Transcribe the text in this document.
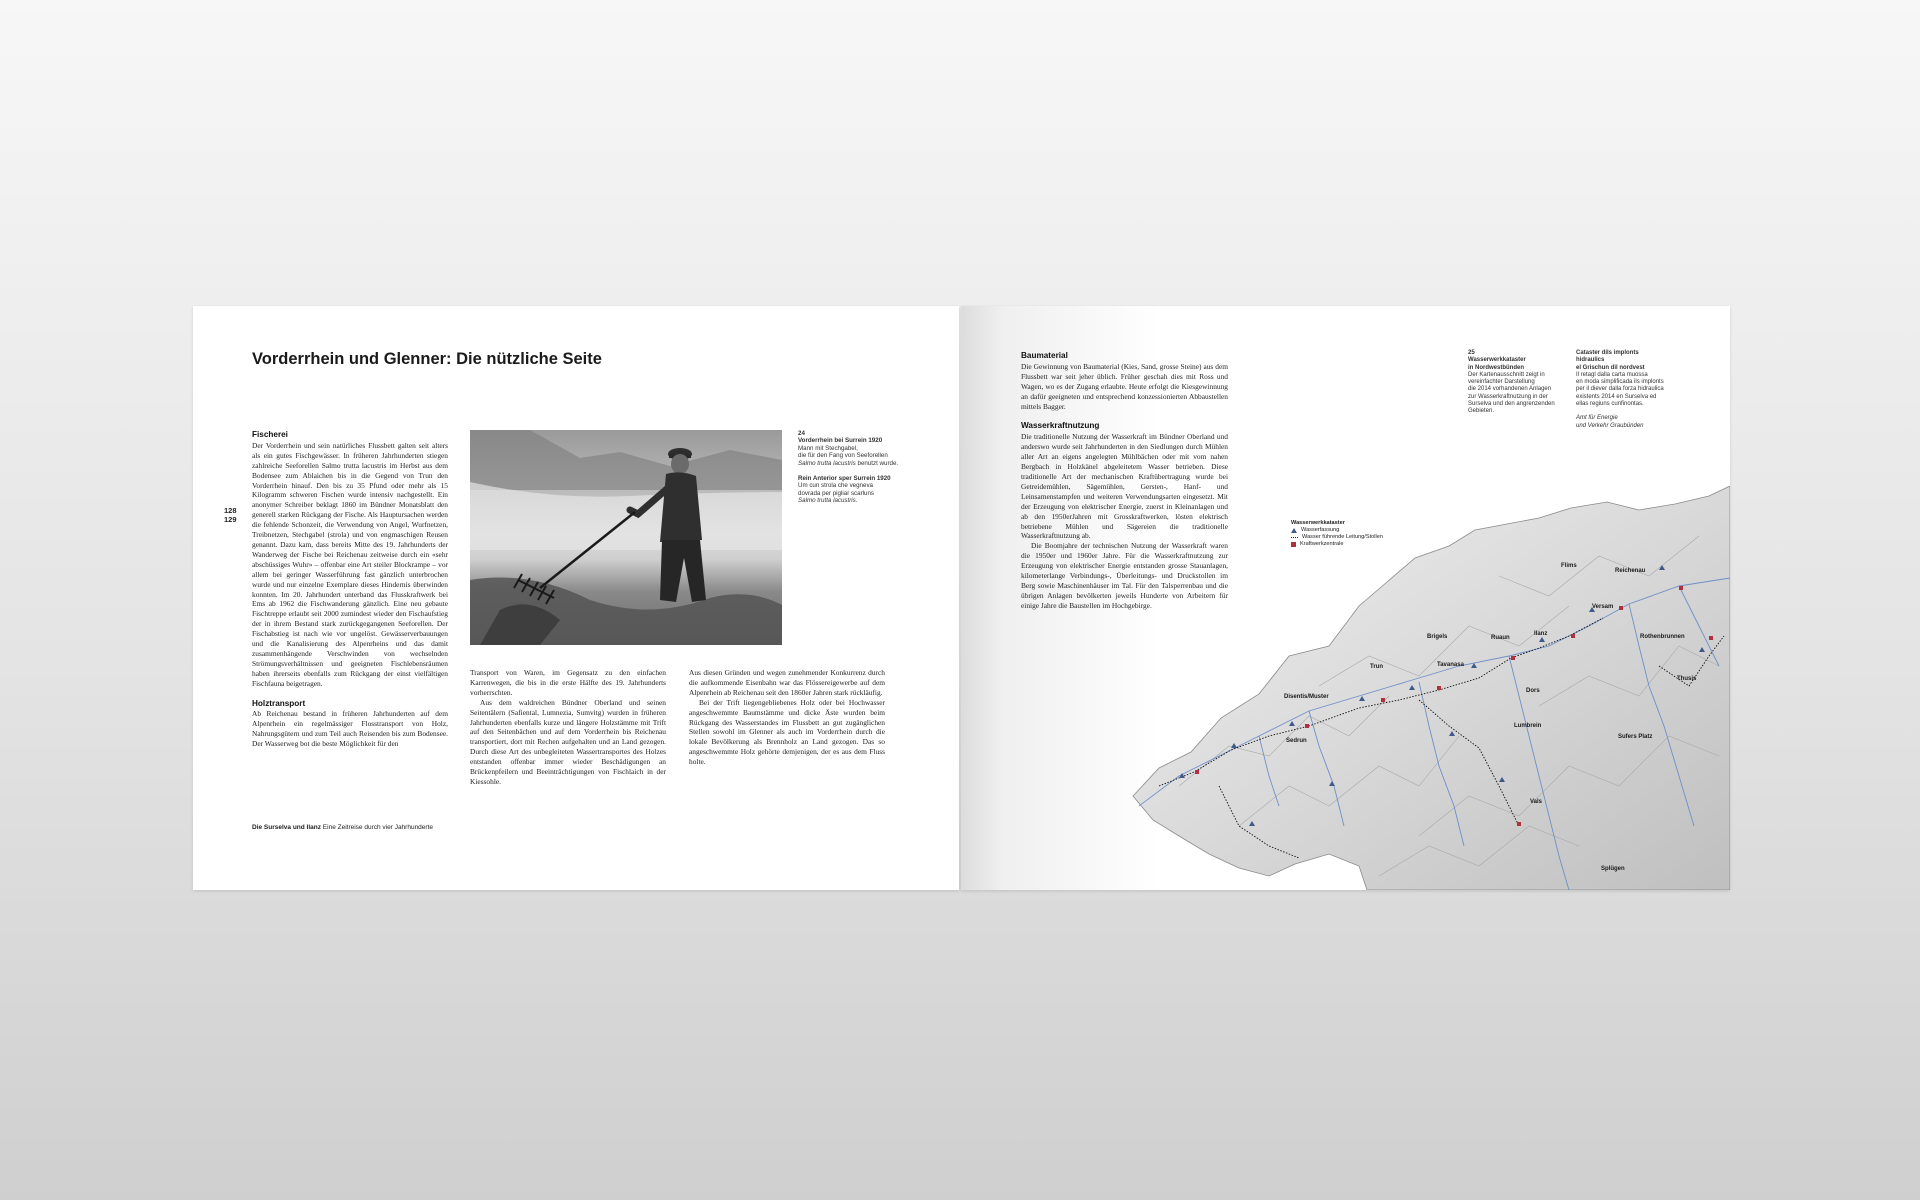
Vorderrhein und Glenner: Die nützliche Seite
128
129
Fischerei

Der Vorderrhein und sein natürliches Flussbett galten seit alters als ein gutes Fischgewässer. In früheren Jahrhunderten stiegen zahlreiche Seeforellen Salmo trutta lacustris im Herbst aus dem Bodensee zum Ablaichen bis in die Gegend von Trun den Vorderrhein hinauf. Den bis zu 35 Pfund oder mehr als 15 Kilogramm schweren Fischen wurde intensiv nachgestellt. Ein anonymer Schreiber beklagt 1860 im Bündner Monatsblatt den generell starken Rückgang der Fische. Als Hauptursachen werden die fehlende Schonzeit, die Verwendung von Angel, Wurfnetzen, Treibnetzen, Stechgabel (strola) und von engmaschigen Reusen genannt. Dazu kam, dass bereits Mitte des 19. Jahrhunderts der Wanderweg der Fische bei Reichenau zeitweise durch ein «sehr abschüssiges Wuhr» – offenbar eine Art steiler Blockrampe – vor allem bei geringer Wasserführung fast gänzlich unterbrochen wurde und nur einzelne Exemplare dieses Hindernis überwinden konnten. Im 20. Jahrhundert unterband das Flusskraftwerk bei Ems ab 1962 die Fischwanderung gänzlich. Eine neu gebaute Fischtreppe erlaubt seit 2000 zumindest wieder den Fischaufstieg der in ihrem Bestand stark zurückgegangenen Seeforellen. Der Fischabstieg ist nach wie vor ungelöst. Gewässerverbauungen und die Kanalisierung des Alpenrheins und das damit zusammenhängende Verschwinden von wechselnden Strömungsverhältnissen und geeigneten Fischlebensräumen haben ihrerseits ebenfalls zum Rückgang der einst vielfältigen Fischfauna beigetragen.

Holztransport

Ab Reichenau bestand in früheren Jahrhunderten auf dem Alpenrhein ein regelmässiger Flosstransport von Holz, Nahrungsgütern und zum Teil auch Reisenden bis zum Bodensee. Der Wasserweg bot die beste Möglichkeit für den

24
Vorderrhein bei Surrein 1920
Mann mit Stechgabel,
die für den Fang von Seeforellen
Salmo trutta lacustris benutzt wurde.
Rein Anterior sper Surrein 1920
Um cun strola che vegneva
dovrada per pigliar scarluns
Salmo trutta lacustris.

Transport von Waren, im Gegensatz zu den einfachen Karrenwegen, die bis in die erste Hälfte des 19. Jahrhunderts vorherrschten.

Aus dem waldreichen Bündner Oberland und seinen Seitentälern (Safiental, Lumnezia, Sumvitg) wurden in früheren Jahrhunderten ebenfalls kurze und längere Holzstämme mit Trift auf den Seitenbächen und auf dem Vorderrhein bis Reichenau transportiert, dort mit Rechen aufgehalten und an Land gezogen. Durch diese Art des unbegleiteten Wassertransportes des Holzes entstanden offenbar immer wieder Beschädigungen an Brückenpfeilern und Beeinträchtigungen von Fischlaich in der Kiessohle.

Aus diesen Gründen und wegen zunehmender Konkurrenz durch die aufkommende Eisenbahn war das Flössereigewerbe auf dem Alpenrhein ab Reichenau seit den 1860er Jahren stark rückläufig.

Bei der Trift liegengebliebenes Holz oder bei Hochwasser angeschwemmte Baumstämme und dicke Äste wurden beim Rückgang des Wasserstandes im Flussbett an gut zugänglichen Stellen sowohl im Glenner als auch im Vorderrhein durch die lokale Bevölkerung als Brennholz an Land gezogen. Das so angeschwemmte Holz gehörte demjenigen, der es aus dem Fluss holte.

Die Surselva und Ilanz Eine Zeitreise durch vier Jahrhunderte
Baumaterial

Die Gewinnung von Baumaterial (Kies, Sand, grosse Steine) aus dem Flussbett war seit jeher üblich. Früher geschah dies mit Ross und Wagen, wo es der Zugang erlaubte. Heute erfolgt die Kiesgewinnung an dafür geeigneten und entsprechend konzessionierten Abbaustellen mittels Bagger.

Wasserkraftnutzung

Die traditionelle Nutzung der Wasserkraft im Bündner Oberland und anderswo wurde seit Jahrhunderten in den Siedlungen durch Mühlen aller Art an eigens angelegten Mühlbächen oder mit vom nahen Bergbach in Holzkänel abgeleitetem Wasser betrieben. Diese traditionelle Art der mechanischen Kraftübertragung wurde bei Getreidemühlen, Sägemühlen, Gersten-, Hanf- und Leinsamenstampfen und weiteren Verwendungsarten eingesetzt. Mit der Erzeugung von elektrischer Energie, zuerst in Kleinanlagen und ab den 1950erJahren mit Grosskraftwerken, lösten elektrisch betriebene Mühlen und Sägereien die traditionelle Wasserkraftnutzung ab.

Die Boomjahre der technischen Nutzung der Wasserkraft waren die 1950er und 1960er Jahre. Für die Wasserkraftnutzung zur Erzeugung von elektrischer Energie entstanden grosse Stauanlagen, kilometerlange Verbindungs-, Überleitungs- und Druckstollen im Berg sowie Maschinenhäuser im Tal. Für den Talsperrenbau und die übrigen Anlagen bevölkerten jeweils Hunderte von Arbeitern für einige Jahre die Baustellen im Hochgebirge.

25
Wasserwerkkataster
in Nordwestbünden
Der Kartenausschnitt zeigt in
vereinfachter Darstellung
die 2014 vorhandenen Anlagen
zur Wasserkraftnutzung in der
Surselva und den angrenzenden
Gebieten.
Cataster dils implonts hidraulics
el Grischun dil nordvest
Il retagl dalla carta muossa
en moda simplificada ils implonts
per il diever dalla forza hidraulica
existents 2014 en Surselva ed
ellas regiuns cunfinontas.
Amt für Energie
und Verkehr Graubünden
Wasserwerkkataster
Wasserfassung
Wasser führende Leitung/Stollen
Kraftwerkzentrale
Flims
Reichenau
Versam
Rothenbrunnen
Thusis
Sufers Platz
Splügen
Ilanz
Ruaun
Brigels
Tavanasa
Trun
Disentis/Muster
Sedrun
Dors
Lumbrein
Vals
